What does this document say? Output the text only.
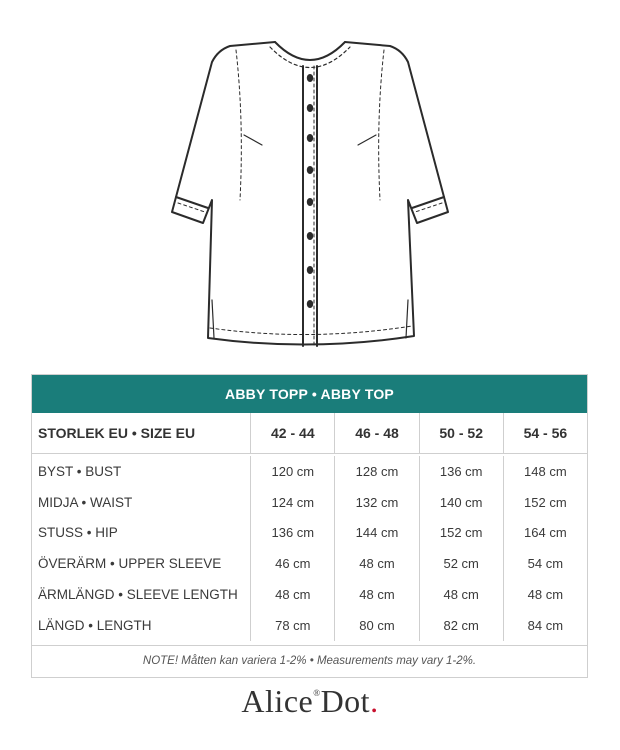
ABBY TOPP • ABBY TOP
STORLEK EU • SIZE EU	42 - 44	46 - 48	50 - 52	54 - 56
BYST • BUST	120 cm	128 cm	136 cm	148 cm
MIDJA • WAIST	124 cm	132 cm	140 cm	152 cm
STUSS • HIP	136 cm	144 cm	152 cm	164 cm
ÖVERÄRM • UPPER SLEEVE	46 cm	48 cm	52 cm	54 cm
ÄRMLÄNGD • SLEEVE LENGTH	48 cm	48 cm	48 cm	48 cm
LÄNGD • LENGTH	78 cm	80 cm	82 cm	84 cm
NOTE! Måtten kan variera 1-2% • Measurements may vary 1-2%.
Alice®Dot.
